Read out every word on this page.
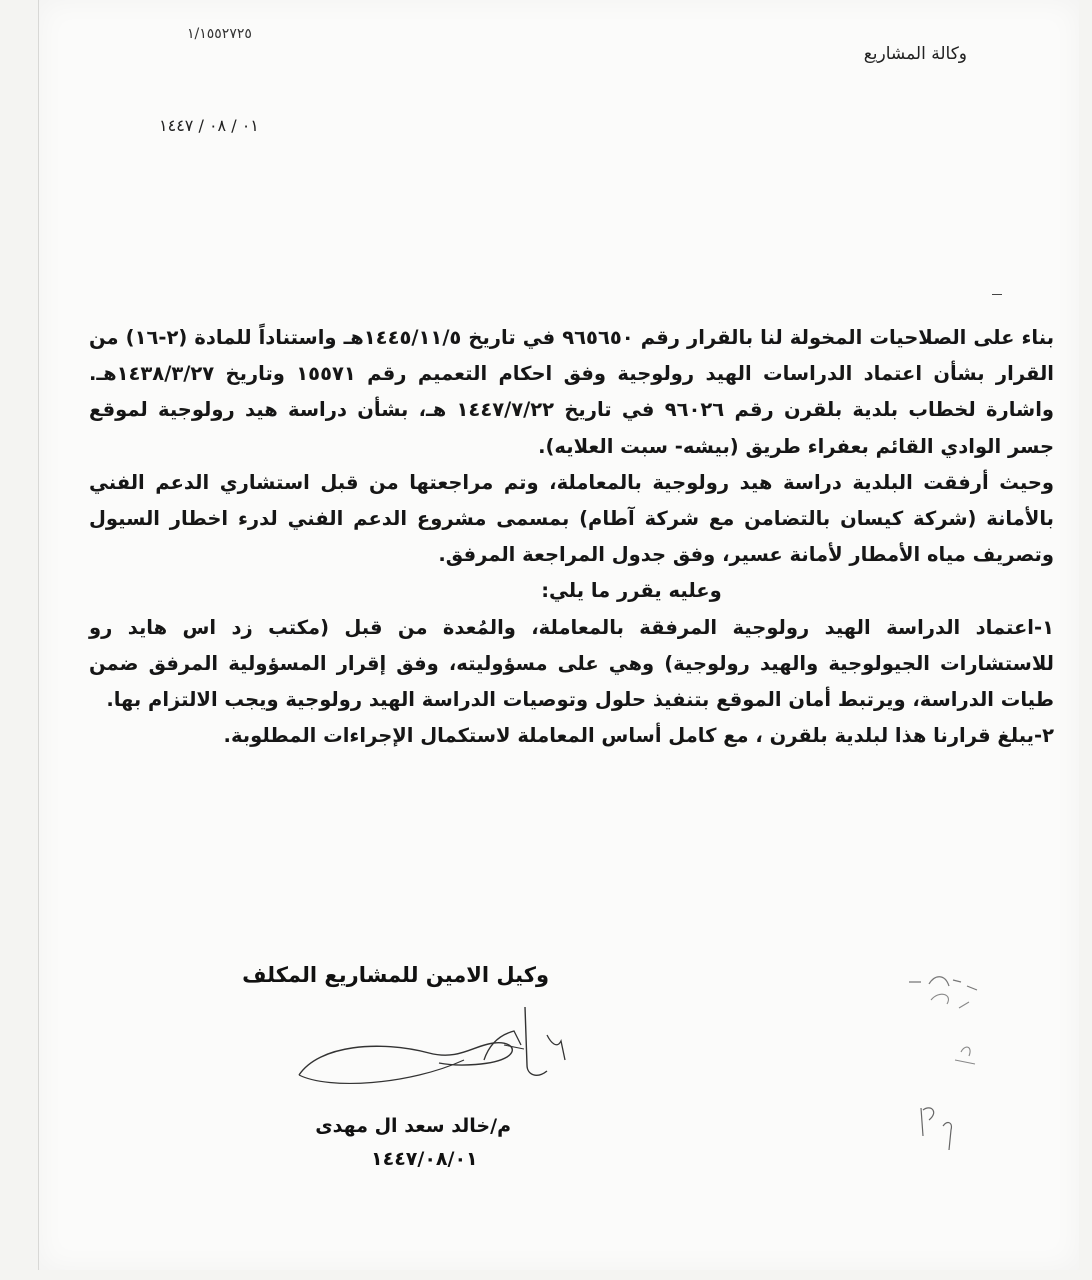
١/١٥٥٢٧٢٥
وكالة المشاريع
٠١ / ٠٨ / ١٤٤٧

بناء على الصلاحيات المخولة لنا بالقرار رقم ٩٦٥٦٥٠ في تاريخ ١٤٤٥/١١/٥هـ واستناداً للمادة (٢-١٦) من القرار بشأن اعتماد الدراسات الهيد رولوجية وفق احكام التعميم رقم ١٥٥٧١ وتاريخ ١٤٣٨/٣/٢٧هـ. واشارة لخطاب بلدية بلقرن رقم ٩٦٠٢٦ في تاريخ ١٤٤٧/٧/٢٢ هـ، بشأن دراسة هيد رولوجية لموقع جسر الوادي القائم بعفراء طريق (بيشه- سبت العلايه).

وحيث أرفقت البلدية دراسة هيد رولوجية بالمعاملة، وتم مراجعتها من قبل استشاري الدعم الفني بالأمانة (شركة كيسان بالتضامن مع شركة آطام) بمسمى مشروع الدعم الفني لدرء اخطار السيول وتصريف مياه الأمطار لأمانة عسير، وفق جدول المراجعة المرفق.

وعليه يقرر ما يلي:

١-اعتماد الدراسة الهيد رولوجية المرفقة بالمعاملة، والمُعدة من قبل (مكتب زد اس هايد رو للاستشارات الجيولوجية والهيد رولوجية) وهي على مسؤوليته، وفق إقرار المسؤولية المرفق ضمن طيات الدراسة، ويرتبط أمان الموقع بتنفيذ حلول وتوصيات الدراسة الهيد رولوجية ويجب الالتزام بها.

٢-يبلغ قرارنا هذا لبلدية بلقرن ، مع كامل أساس المعاملة لاستكمال الإجراءات المطلوبة.

وكيل الامين للمشاريع المكلف
م/خالد سعد ال مهدى
١٤٤٧/٠٨/٠١
